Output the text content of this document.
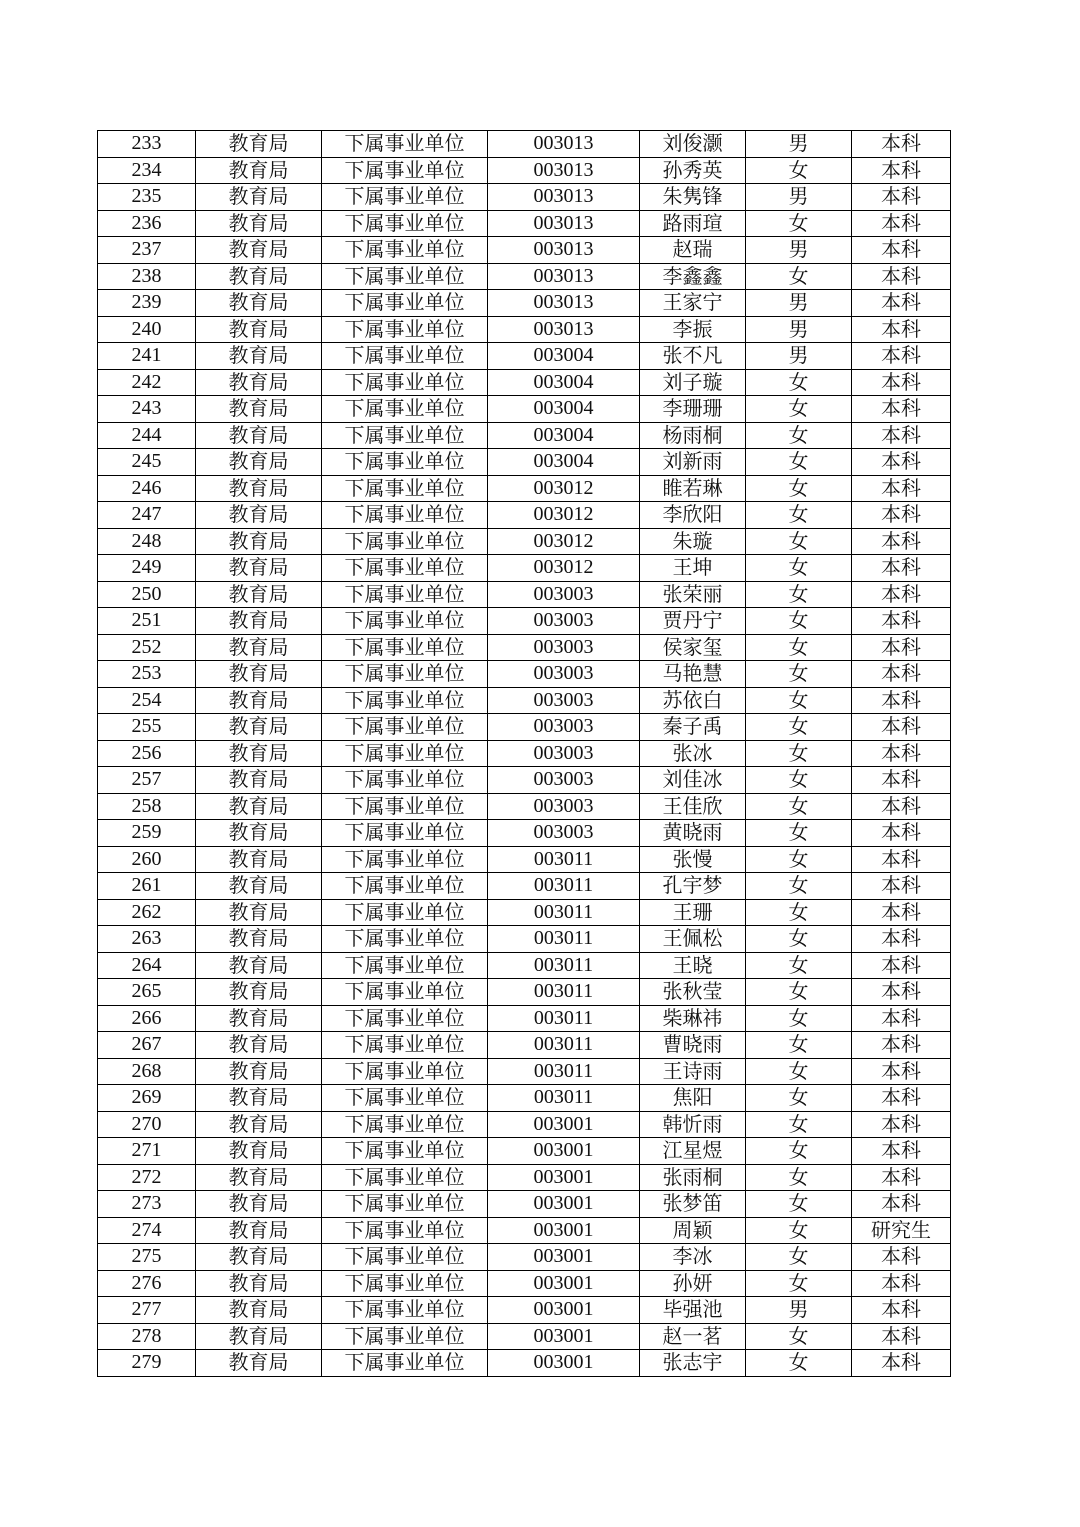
233	教育局	下属事业单位	003013	刘俊灏	男	本科
234	教育局	下属事业单位	003013	孙秀英	女	本科
235	教育局	下属事业单位	003013	朱隽锋	男	本科
236	教育局	下属事业单位	003013	路雨瑄	女	本科
237	教育局	下属事业单位	003013	赵瑞	男	本科
238	教育局	下属事业单位	003013	李鑫鑫	女	本科
239	教育局	下属事业单位	003013	王家宁	男	本科
240	教育局	下属事业单位	003013	李振	男	本科
241	教育局	下属事业单位	003004	张不凡	男	本科
242	教育局	下属事业单位	003004	刘子璇	女	本科
243	教育局	下属事业单位	003004	李珊珊	女	本科
244	教育局	下属事业单位	003004	杨雨桐	女	本科
245	教育局	下属事业单位	003004	刘新雨	女	本科
246	教育局	下属事业单位	003012	睢若琳	女	本科
247	教育局	下属事业单位	003012	李欣阳	女	本科
248	教育局	下属事业单位	003012	朱璇	女	本科
249	教育局	下属事业单位	003012	王坤	女	本科
250	教育局	下属事业单位	003003	张荣丽	女	本科
251	教育局	下属事业单位	003003	贾丹宁	女	本科
252	教育局	下属事业单位	003003	侯家玺	女	本科
253	教育局	下属事业单位	003003	马艳慧	女	本科
254	教育局	下属事业单位	003003	苏依白	女	本科
255	教育局	下属事业单位	003003	秦子禹	女	本科
256	教育局	下属事业单位	003003	张冰	女	本科
257	教育局	下属事业单位	003003	刘佳冰	女	本科
258	教育局	下属事业单位	003003	王佳欣	女	本科
259	教育局	下属事业单位	003003	黄晓雨	女	本科
260	教育局	下属事业单位	003011	张慢	女	本科
261	教育局	下属事业单位	003011	孔宇梦	女	本科
262	教育局	下属事业单位	003011	王珊	女	本科
263	教育局	下属事业单位	003011	王佩松	女	本科
264	教育局	下属事业单位	003011	王晓	女	本科
265	教育局	下属事业单位	003011	张秋莹	女	本科
266	教育局	下属事业单位	003011	柴琳祎	女	本科
267	教育局	下属事业单位	003011	曹晓雨	女	本科
268	教育局	下属事业单位	003011	王诗雨	女	本科
269	教育局	下属事业单位	003011	焦阳	女	本科
270	教育局	下属事业单位	003001	韩忻雨	女	本科
271	教育局	下属事业单位	003001	江星煜	女	本科
272	教育局	下属事业单位	003001	张雨桐	女	本科
273	教育局	下属事业单位	003001	张梦笛	女	本科
274	教育局	下属事业单位	003001	周颖	女	研究生
275	教育局	下属事业单位	003001	李冰	女	本科
276	教育局	下属事业单位	003001	孙妍	女	本科
277	教育局	下属事业单位	003001	毕强池	男	本科
278	教育局	下属事业单位	003001	赵一茗	女	本科
279	教育局	下属事业单位	003001	张志宇	女	本科
